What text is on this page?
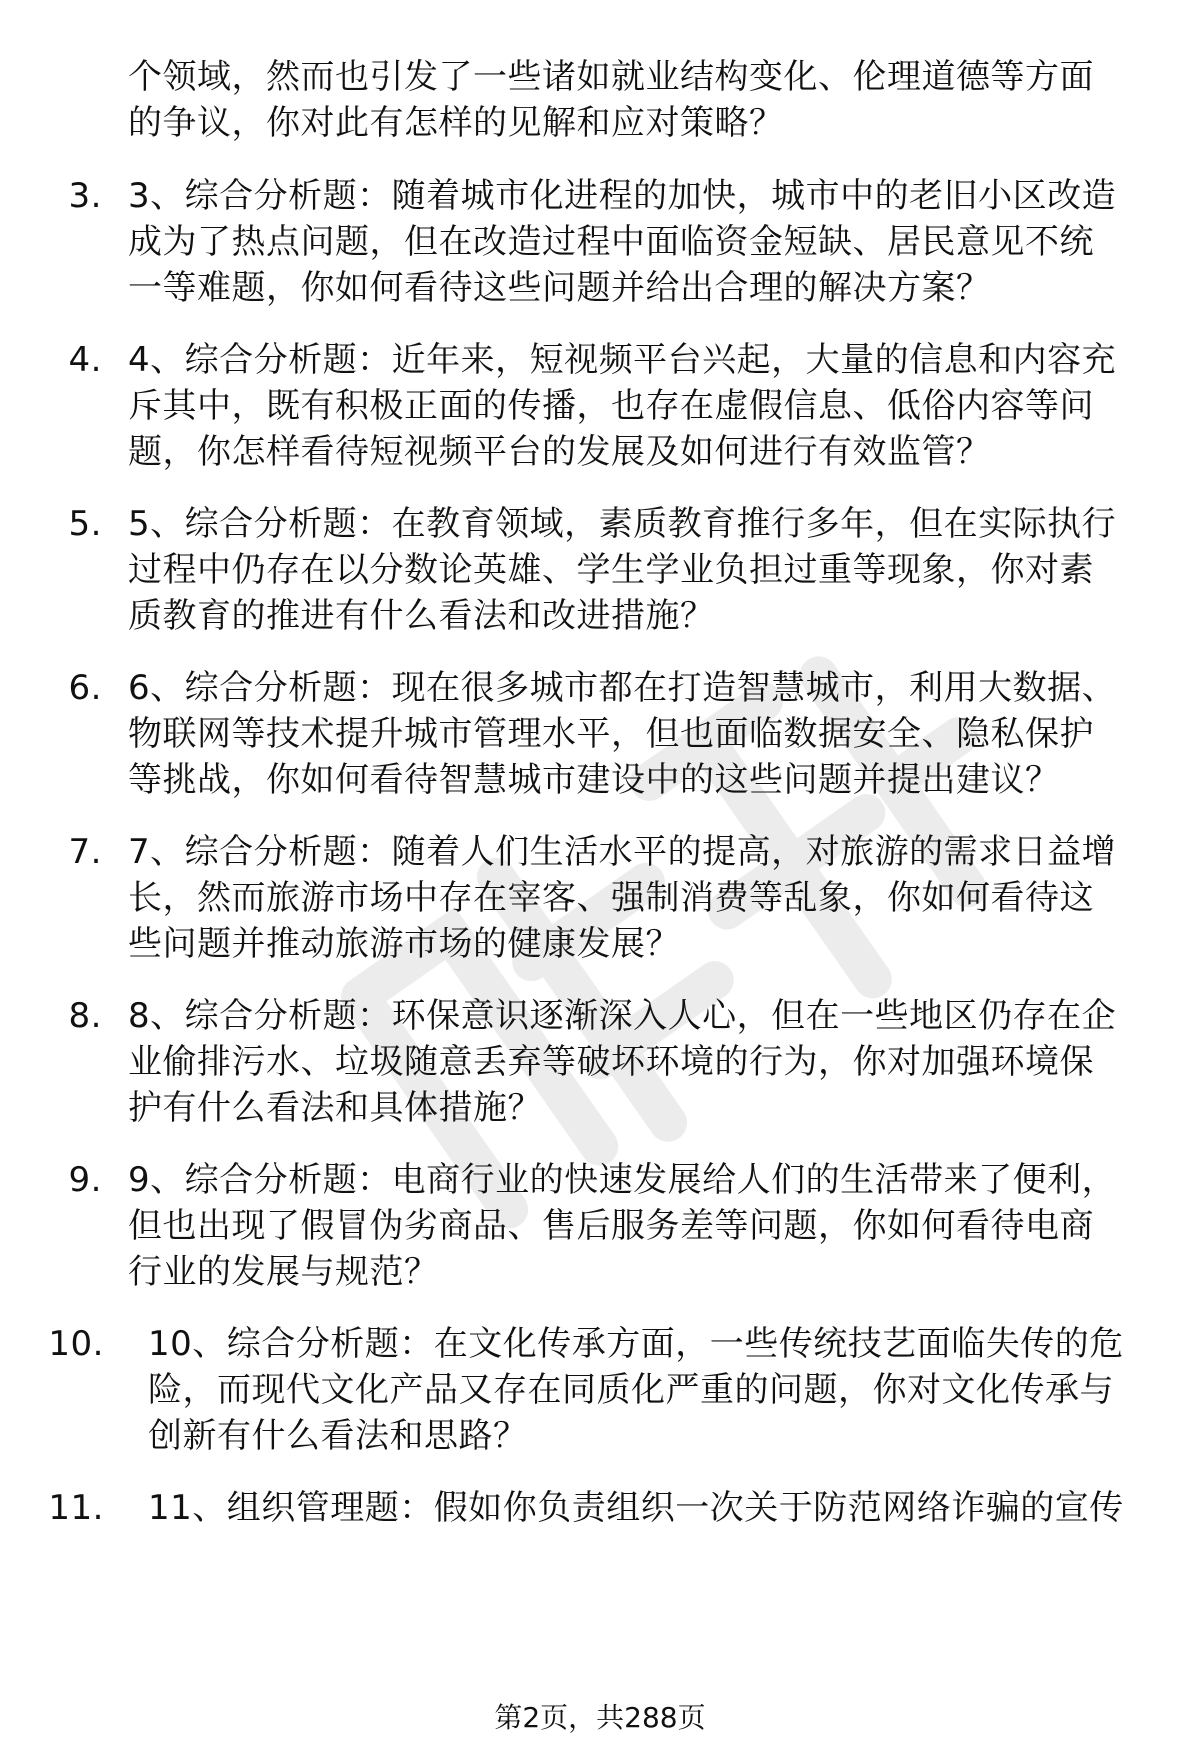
个领域，然而也引发了一些诸如就业结构变化、伦理道德等方面
的争议，你对此有怎样的见解和应对策略？
3. 3、综合分析题：随着城市化进程的加快，城市中的老旧小区改造
成为了热点问题，但在改造过程中面临资金短缺、居民意见不统
一等难题，你如何看待这些问题并给出合理的解决方案？
4. 4、综合分析题：近年来，短视频平台兴起，大量的信息和内容充
斥其中，既有积极正面的传播，也存在虚假信息、低俗内容等问
题，你怎样看待短视频平台的发展及如何进行有效监管？
5. 5、综合分析题：在教育领域，素质教育推行多年，但在实际执行
过程中仍存在以分数论英雄、学生学业负担过重等现象，你对素
质教育的推进有什么看法和改进措施？
6. 6、综合分析题：现在很多城市都在打造智慧城市，利用大数据、
物联网等技术提升城市管理水平，但也面临数据安全、隐私保护
等挑战，你如何看待智慧城市建设中的这些问题并提出建议？
7. 7、综合分析题：随着人们生活水平的提高，对旅游的需求日益增
长，然而旅游市场中存在宰客、强制消费等乱象，你如何看待这
些问题并推动旅游市场的健康发展？
8. 8、综合分析题：环保意识逐渐深入人心，但在一些地区仍存在企
业偷排污水、垃圾随意丢弃等破坏环境的行为，你对加强环境保
护有什么看法和具体措施？
9. 9、综合分析题：电商行业的快速发展给人们的生活带来了便利，
但也出现了假冒伪劣商品、售后服务差等问题，你如何看待电商
行业的发展与规范？
10. 10、综合分析题：在文化传承方面，一些传统技艺面临失传的危
险，而现代文化产品又存在同质化严重的问题，你对文化传承与
创新有什么看法和思路？
11. 11、组织管理题：假如你负责组织一次关于防范网络诈骗的宣传
第2页，共288页
